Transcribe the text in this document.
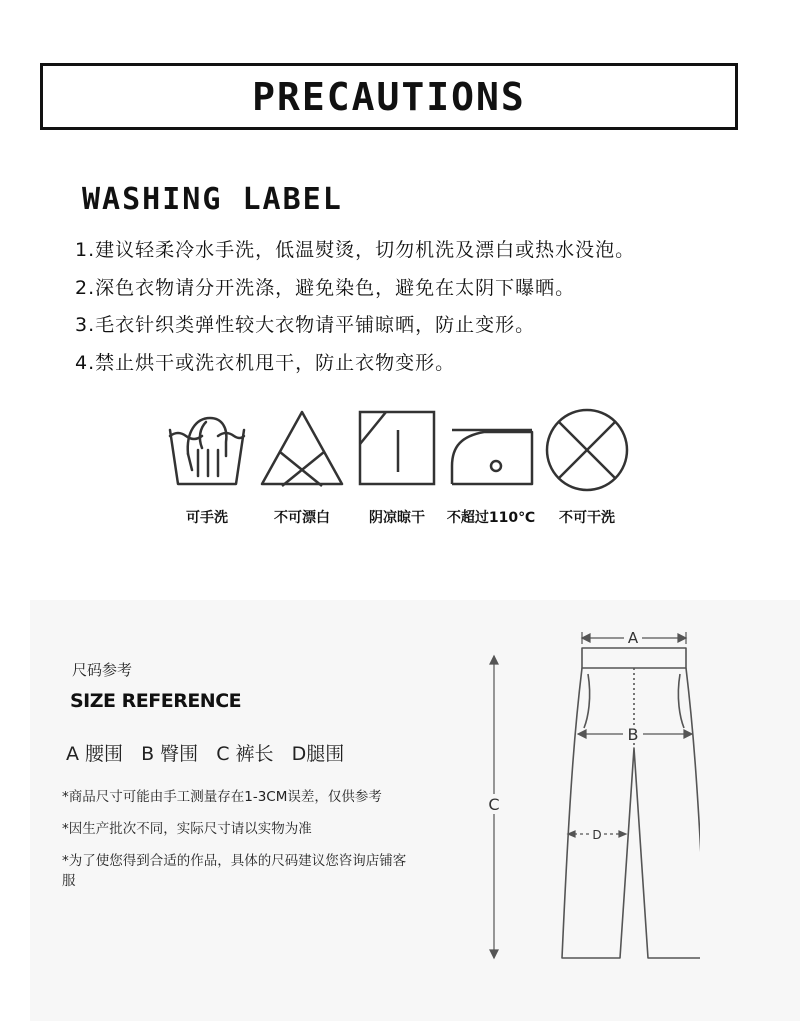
PRECAUTIONS
WASHING LABEL
1.建议轻柔冷水手洗，低温熨烫，切勿机洗及漂白或热水没泡。
2.深色衣物请分开洗涤，避免染色，避免在太阴下曝晒。
3.毛衣针织类弹性较大衣物请平铺晾晒，防止变形。
4.禁止烘干或洗衣机甩干，防止衣物变形。
可手洗	不可漂白	阴凉晾干	不超过110℃	不可干洗
尺码参考
SIZE REFERENCE
A 腰围 B 臀围 C 裤长 D腿围
*商品尺寸可能由手工测量存在1-3CM误差，仅供参考
*因生产批次不同，实际尺寸请以实物为准
*为了使您得到合适的作品，具体的尺码建议您咨询店铺客服
A
B
C
D
